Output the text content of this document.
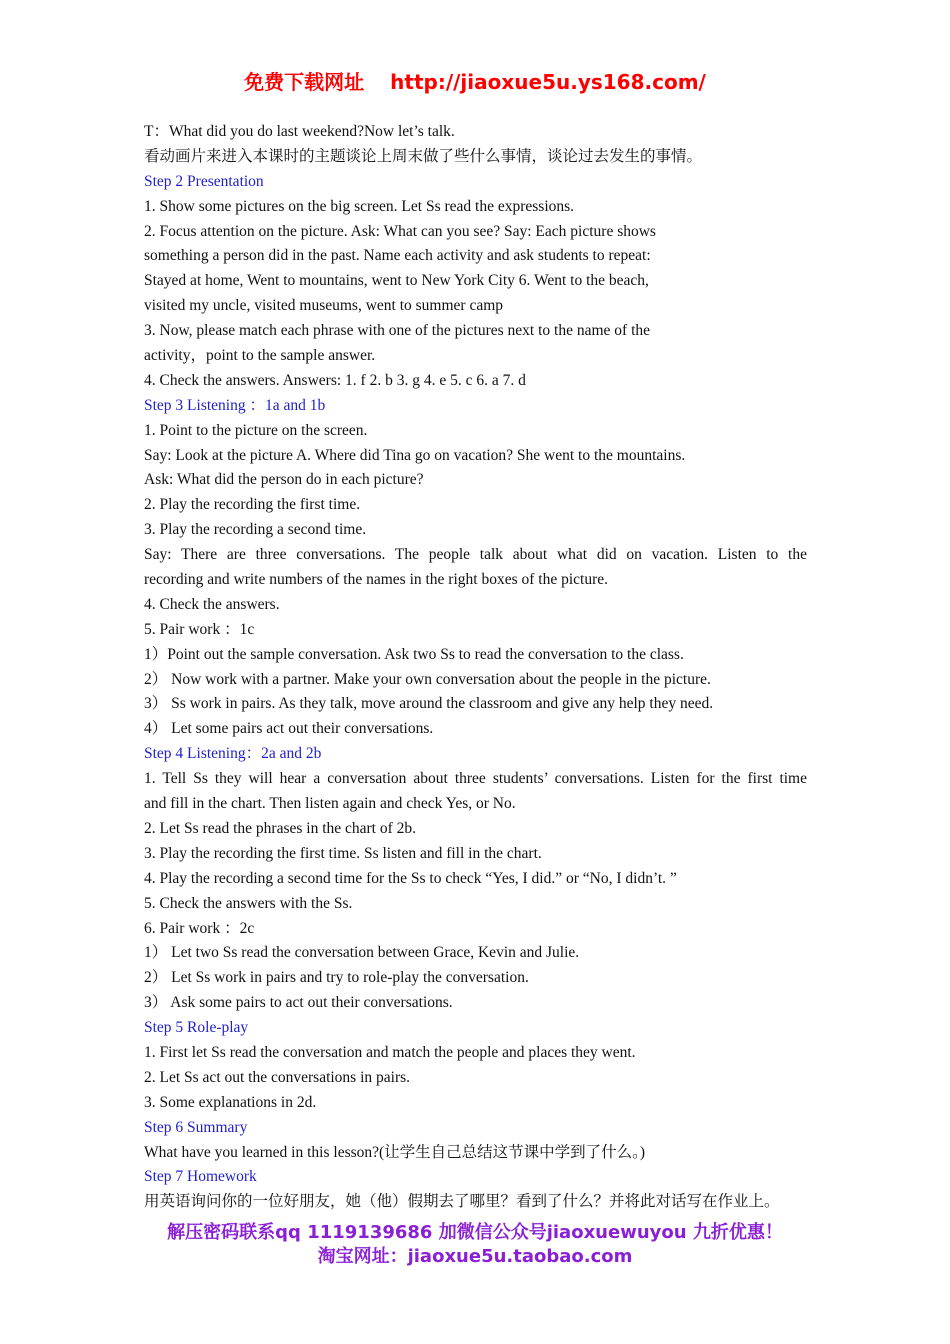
免费下载网址 http://jiaoxue5u.ys168.com/
T：What did you do last weekend?Now let’s talk.
看动画片来进入本课时的主题谈论上周末做了些什么事情，谈论过去发生的事情。
Step 2 Presentation
1. Show some pictures on the big screen. Let Ss read the expressions.
2. Focus attention on the picture. Ask: What can you see? Say: Each picture shows
something a person did in the past. Name each activity and ask students to repeat:
Stayed at home, Went to mountains, went to New York City 6. Went to the beach,
visited my uncle, visited museums, went to summer camp
3. Now, please match each phrase with one of the pictures next to the name of the
activity，point to the sample answer.
4. Check the answers. Answers: 1. f 2. b 3. g 4. e 5. c 6. a 7. d
Step 3 Listening ：1a and 1b
1. Point to the picture on the screen.
Say: Look at the picture A. Where did Tina go on vacation? She went to the mountains.
Ask: What did the person do in each picture?
2. Play the recording the first time.
3. Play the recording a second time.
Say: There are three conversations. The people talk about what did on vacation. Listen to the
recording and write numbers of the names in the right boxes of the picture.
4. Check the answers.
5. Pair work ：1c
1）Point out the sample conversation. Ask two Ss to read the conversation to the class.
2） Now work with a partner. Make your own conversation about the people in the picture.
3） Ss work in pairs. As they talk, move around the classroom and give any help they need.
4） Let some pairs act out their conversations.
Step 4 Listening：2a and 2b
1. Tell Ss they will hear a conversation about three students’ conversations. Listen for the first time
and fill in the chart. Then listen again and check Yes, or No.
2. Let Ss read the phrases in the chart of 2b.
3. Play the recording the first time. Ss listen and fill in the chart.
4. Play the recording a second time for the Ss to check “Yes, I did.” or “No, I didn’t. ”
5. Check the answers with the Ss.
6. Pair work ：2c
1） Let two Ss read the conversation between Grace, Kevin and Julie.
2） Let Ss work in pairs and try to role-play the conversation.
3） Ask some pairs to act out their conversations.
Step 5 Role-play
1. First let Ss read the conversation and match the people and places they went.
2. Let Ss act out the conversations in pairs.
3. Some explanations in 2d.
Step 6 Summary
What have you learned in this lesson?(让学生自己总结这节课中学到了什么。)
Step 7 Homework
用英语询问你的一位好朋友，她（他）假期去了哪里？看到了什么？并将此对话写在作业上。
解压密码联系qq 1119139686 加微信公众号jiaoxuewuyou 九折优惠！
淘宝网址：jiaoxue5u.taobao.com
